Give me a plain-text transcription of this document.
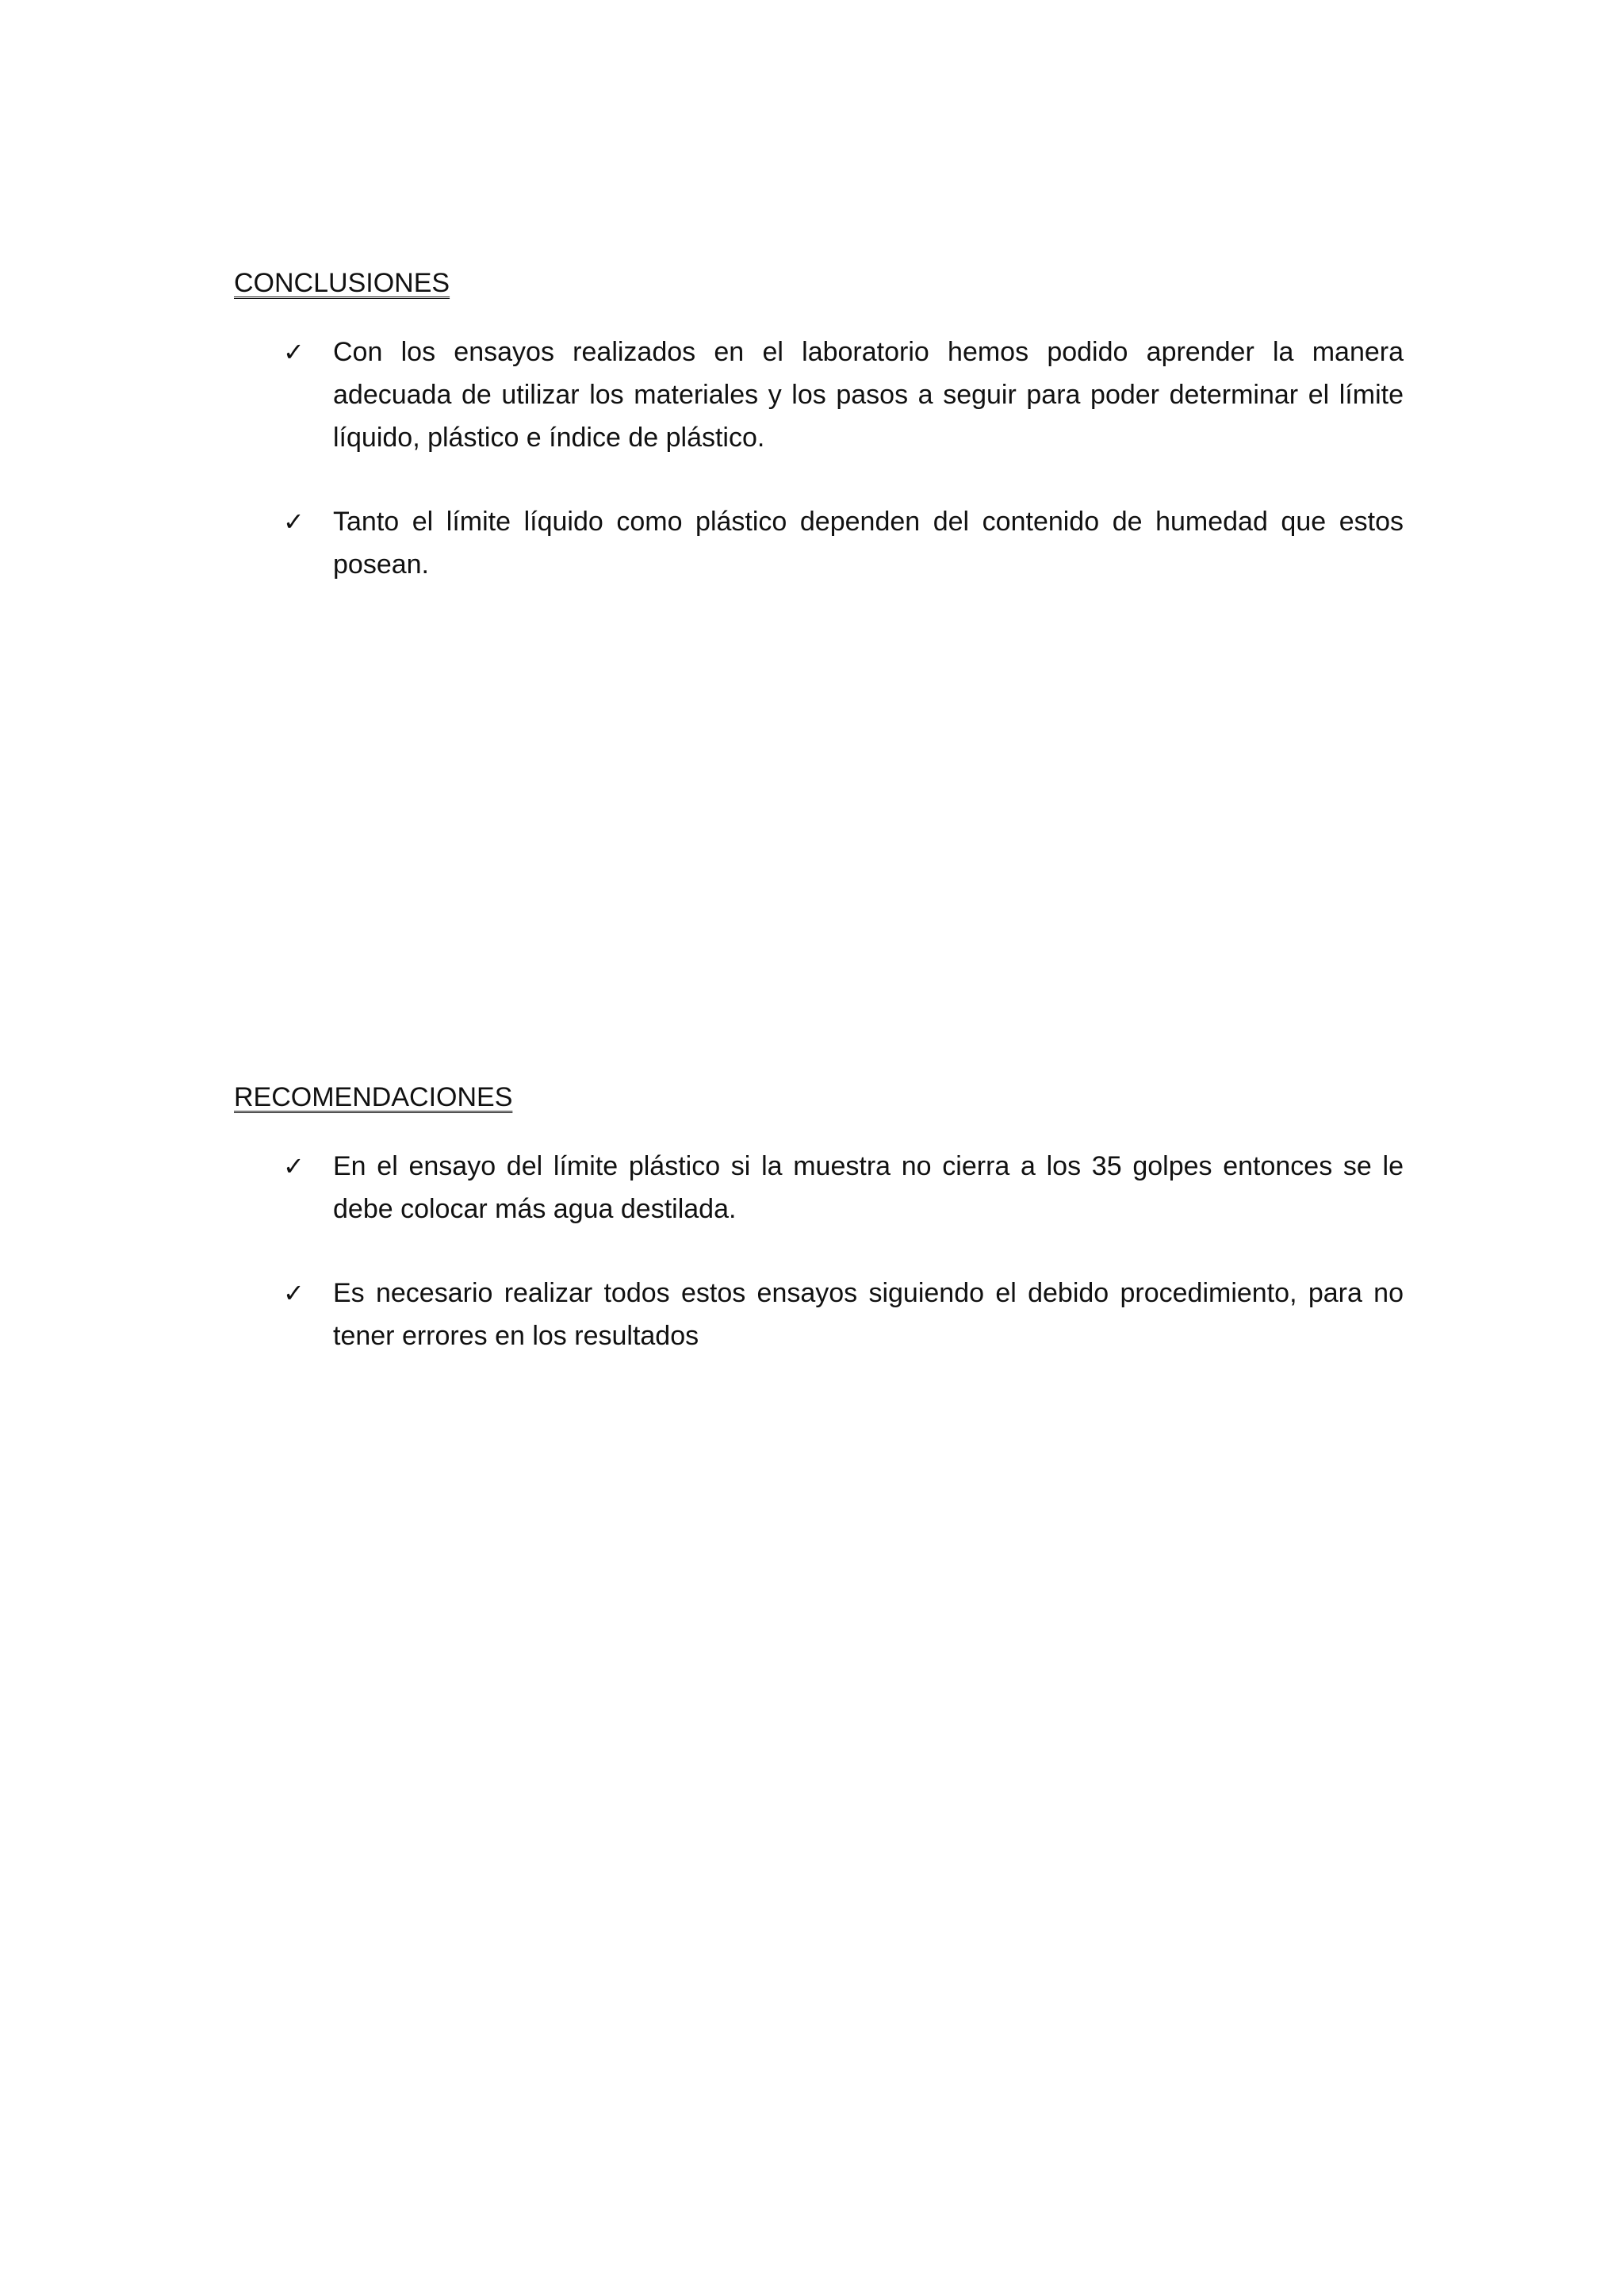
CONCLUSIONES
✓ Con los ensayos realizados en el laboratorio hemos podido aprender la manera adecuada de utilizar los materiales y los pasos a seguir para poder determinar el límite líquido, plástico e índice de plástico.
✓ Tanto el límite líquido como plástico dependen del contenido de humedad que estos posean.
RECOMENDACIONES
✓ En el ensayo del límite plástico si la muestra no cierra a los 35 golpes entonces se le debe colocar más agua destilada.
✓ Es necesario realizar todos estos ensayos siguiendo el debido procedimiento, para no tener errores en los resultados
